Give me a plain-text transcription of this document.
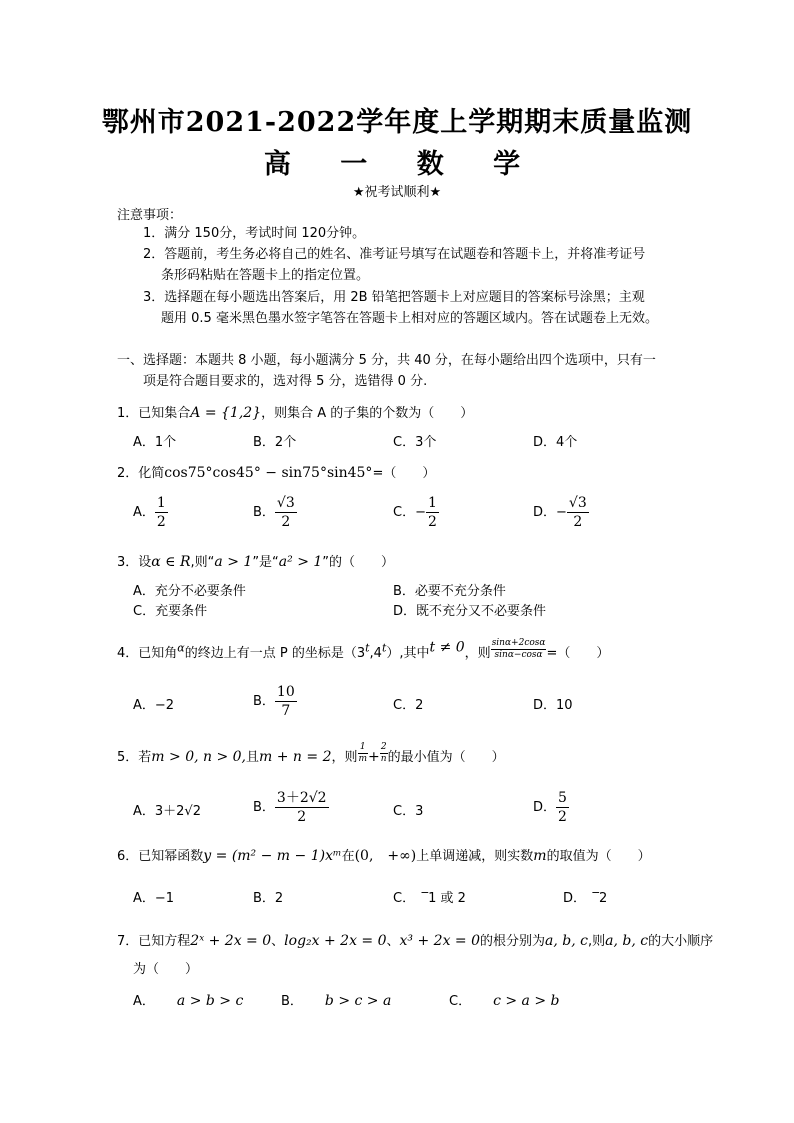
鄂州市2021-2022学年度上学期期末质量监测
高 一 数 学
★祝考试顺利★
注意事项：
1．满分 150分，考试时间 120分钟。
2．答题前，考生务必将自己的姓名、准考证号填写在试题卷和答题卡上，并将准考证号
条形码粘贴在答题卡上的指定位置。
3．选择题在每小题选出答案后，用 2B 铅笔把答题卡上对应题目的答案标号涂黑；主观
题用 0.5 毫米黑色墨水签字笔答在答题卡上相对应的答题区域内。答在试题卷上无效。
一、选择题：本题共 8 小题，每小题满分 5 分，共 40 分，在每小题给出四个选项中，只有一
项是符合题目要求的，选对得 5 分，选错得 0 分.
1．已知集合A = {1,2}，则集合 A 的子集的个数为（　　）
A．1个	B．2个	C．3个	D．4个
2．化简cos75°cos45° − sin75°sin45°=（　　）
A． $\frac{1}{2}$	B． $\frac{√3}{2}$	C．− $\frac{1}{2}$	D．− $\frac{√3}{2}$
3．设α ∈ R,则“a > 1”是“a² > 1”的（　　）
A．充分不必要条件	B．必要不充分条件
C．充要条件	D．既不充分又不必要条件
4．已知角$^\alpha$的终边上有一点 P 的坐标是（3$^t$,4$^t$）,其中$^{t \ne 0}$，则 $\frac{\sin\alpha+2\cos\alpha}{\sin\alpha-\cos\alpha}$ =（　　）
A．−2	B． $\frac{10}{7}$	C．2	D．10
5．若m > 0, n > 0,且m + n = 2，则 $\frac{1}{m} + \frac{2}{n}$ 的最小值为（　　）
A．3＋2√2	B． $\frac{3+2√2}{2}$	C．3	D． $\frac{5}{2}$
6．已知幂函数y = (m² − m − 1)xᵐ在(0,　+∞)上单调递减，则实数m的取值为（　　）
A．−1	B．2	C．　‾1 或 2	D．　‾2
7．已知方程2ˣ + 2x = 0、log₂x + 2x = 0、x³ + 2x = 0的根分别为a, b, c,则a, b, c的大小顺序
为（　　）
A． a > b > c	B． b > c > a	C． c > a > b
